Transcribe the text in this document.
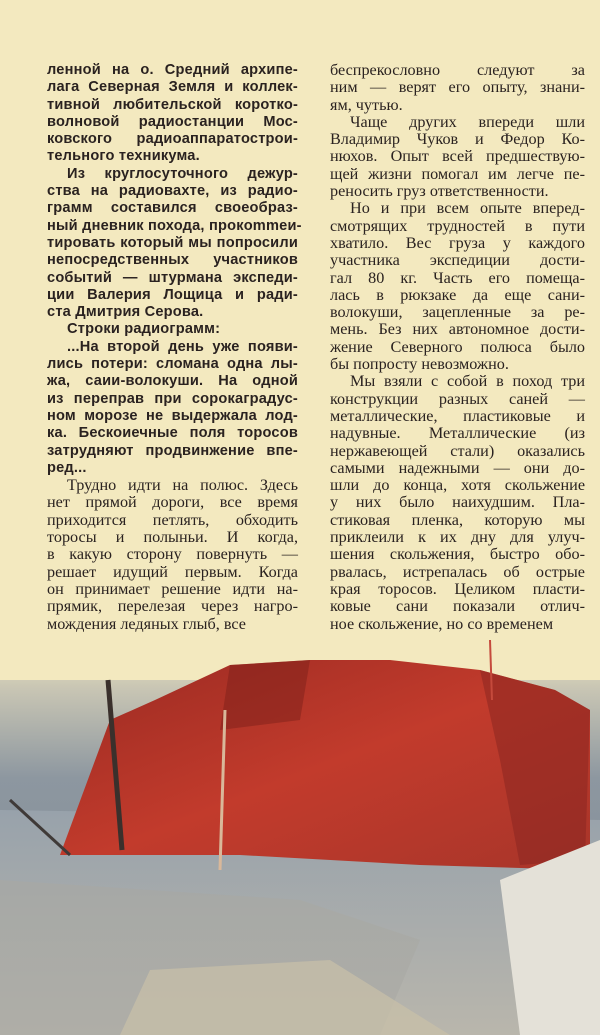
ленной на о. Средний архипе-
лага Северная Земля и коллек-
тивной любительской коротко-
волновой радиостанции Мос-
ковского радиоаппаратострои-
тельного техникума.
Из круглосуточного дежур-
ства на радиовахте, из радио-
грамм составился своеобраз-
ный дневник похода, прокommeи-
тировать который мы попросили
непосредственных участников
событий — штурмана экспеди-
ции Валерия Лощица и ради-
ста Дмитрия Серова.
Строки радиограмм:
...На второй день уже появи-
лись потери: сломана одна лы-
жа, саии-волокуши. На одной
из переправ при сорокаградус-
ном морозе не выдержала лод-
ка. Бескоиечные поля торосов
затрудняют продвинжение впе-
ред...
Трудно идти на полюс. Здесь
нет прямой дороги, все время
приходится петлять, обходить
торосы и полыньи. И когда,
в какую сторону повернуть —
решает идущий первым. Когда
он принимает решение идти на-
прямик, перелезая через нагро-
мождения ледяных глыб, все
беспрекословно следуют за
ним — верят его опыту, знани-
ям, чутью.
Чаще других впереди шли
Владимир Чуков и Федор Ко-
нюхов. Опыт всей предшествую-
щей жизни помогал им легче пе-
реносить груз ответственности.
Но и при всем опыте вперед-
смотрящих трудностей в пути
хватило. Вес груза у каждого
участника экспедиции дости-
гал 80 кг. Часть его помеща-
лась в рюкзаке да еще сани-
волокуши, зацепленные за ре-
мень. Без них автономное дости-
жение Северного полюса было
бы попросту невозможно.
Мы взяли с собой в поход три
конструкции разных саней —
металлические, пластиковые и
надувные. Металлические (из
нержавеющей стали) оказались
самыми надежными — они до-
шли до конца, хотя скольжение
у них было наихудшим. Пла-
стиковая пленка, которую мы
приклеили к их дну для улуч-
шения скольжения, быстро обо-
рвалась, истрепалась об острые
края торосов. Целиком пласти-
ковые сани показали отлич-
ное скольжение, но со временем
